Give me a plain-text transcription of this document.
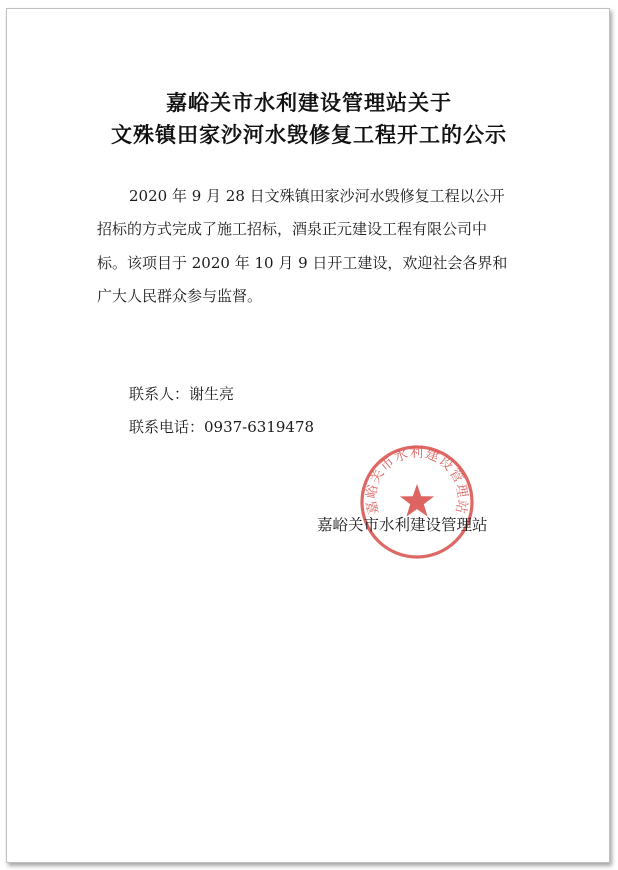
嘉峪关市水利建设管理站关于
文殊镇田家沙河水毁修复工程开工的公示
2020 年 9 月 28 日文殊镇田家沙河水毁修复工程以公开
招标的方式完成了施工招标，酒泉正元建设工程有限公司中
标。该项目于 2020 年 10 月 9 日开工建设，欢迎社会各界和
广大人民群众参与监督。
联系人：谢生亮
联系电话：0937-6319478
嘉峪关市水利建设管理站
嘉峪关市水利建设管理站
